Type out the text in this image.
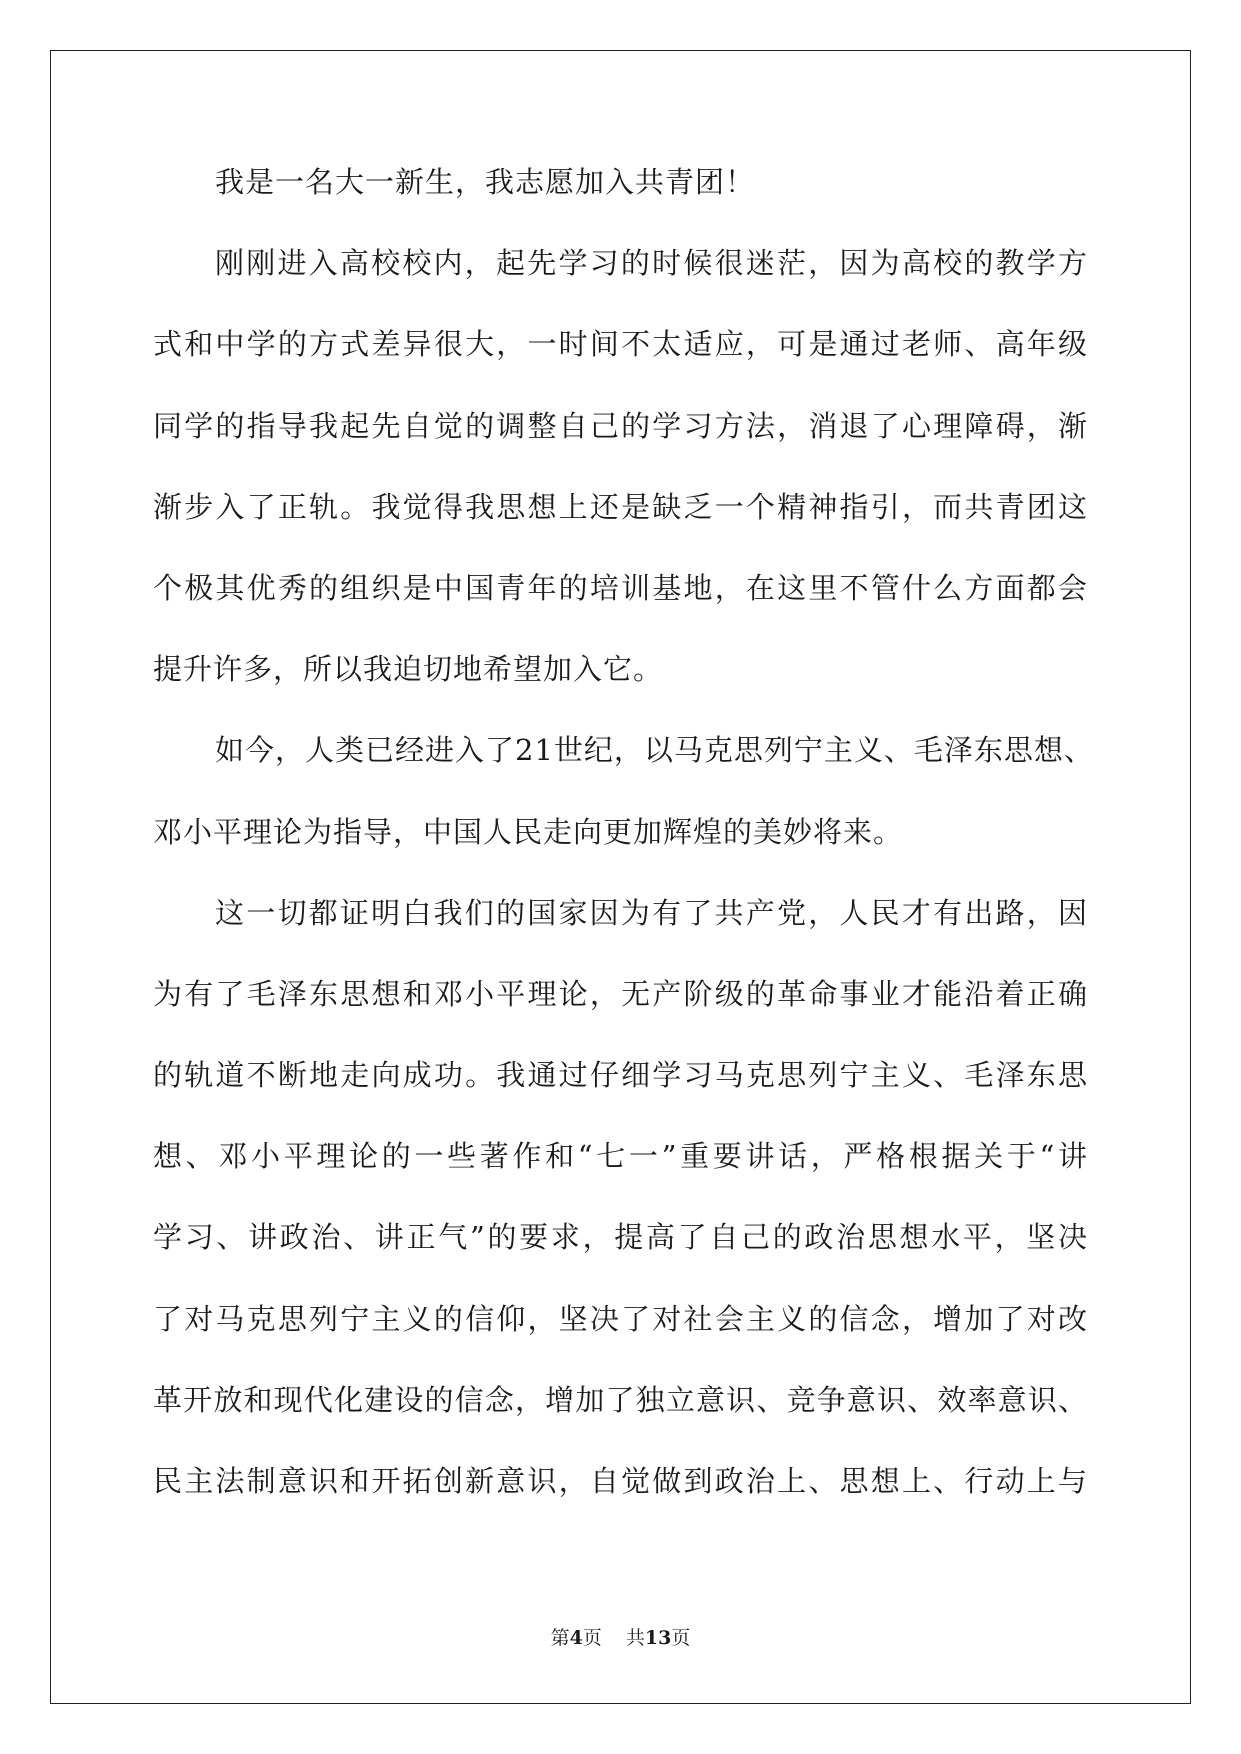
我是一名大一新生，我志愿加入共青团！
刚刚进入高校校内，起先学习的时候很迷茫，因为高校的教学方
式和中学的方式差异很大，一时间不太适应，可是通过老师、高年级
同学的指导我起先自觉的调整自己的学习方法，消退了心理障碍，渐
渐步入了正轨。我觉得我思想上还是缺乏一个精神指引，而共青团这
个极其优秀的组织是中国青年的培训基地，在这里不管什么方面都会
提升许多，所以我迫切地希望加入它。
如今，人类已经进入了21世纪，以马克思列宁主义、毛泽东思想、
邓小平理论为指导，中国人民走向更加辉煌的美妙将来。
这一切都证明白我们的国家因为有了共产党，人民才有出路，因
为有了毛泽东思想和邓小平理论，无产阶级的革命事业才能沿着正确
的轨道不断地走向成功。我通过仔细学习马克思列宁主义、毛泽东思
想、邓小平理论的一些著作和“七一”重要讲话，严格根据关于“讲
学习、讲政治、讲正气”的要求，提高了自己的政治思想水平，坚决
了对马克思列宁主义的信仰，坚决了对社会主义的信念，增加了对改
革开放和现代化建设的信念，增加了独立意识、竞争意识、效率意识、
民主法制意识和开拓创新意识，自觉做到政治上、思想上、行动上与
第4页 共13页
